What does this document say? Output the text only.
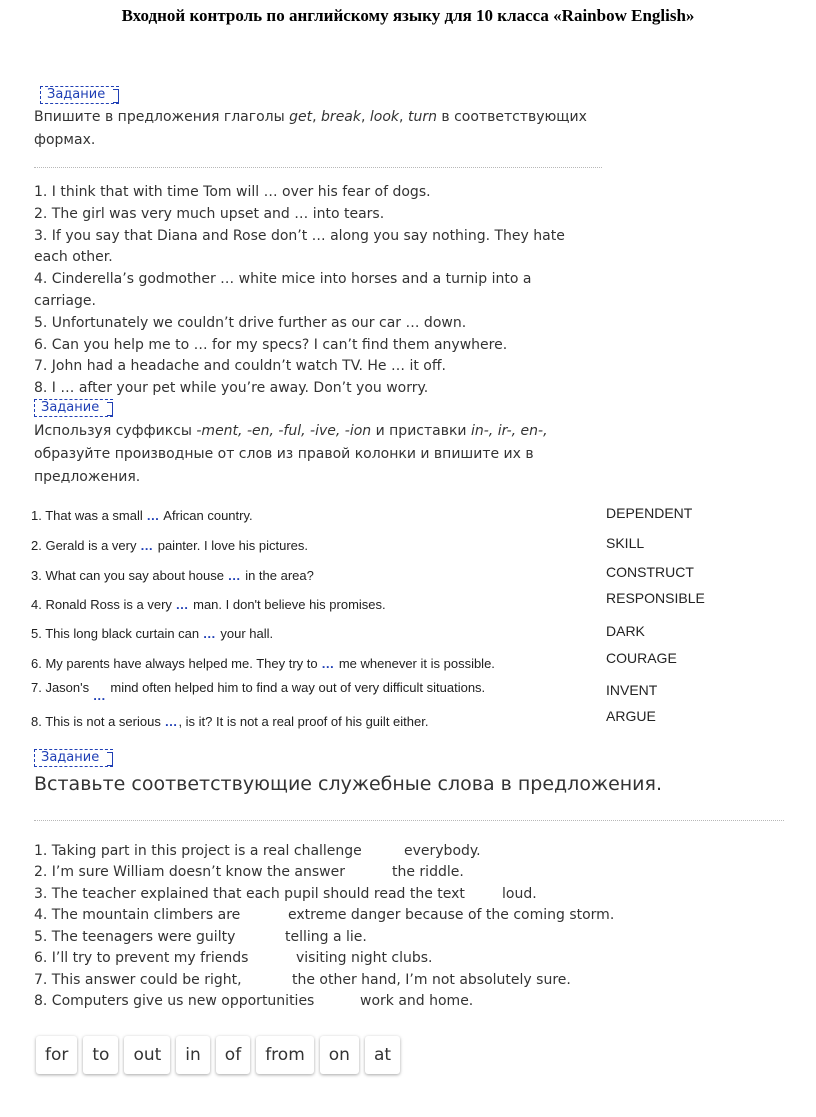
Входной контроль по английскому языку для 10 класса «Rainbow English»
Задание
Впишите в предложения глаголы get, break, look, turn в соответствующих формах.
1. I think that with time Tom will … over his fear of dogs.
2. The girl was very much upset and … into tears.
3. If you say that Diana and Rose don’t … along you say nothing. They hate each other.
4. Cinderella’s godmother … white mice into horses and a turnip into a carriage.
5. Unfortunately we couldn’t drive further as our car … down.
6. Can you help me to … for my specs? I can’t find them anywhere.
7. John had a headache and couldn’t watch TV. He … it off.
8. I … after your pet while you’re away. Don’t you worry.
Задание
Используя суффиксы -ment, -en, -ful, -ive, -ion и приставки in-, ir-, en-, образуйте производные от слов из правой колонки и впишите их в предложения.
1. That was a small … African country.
2. Gerald is a very … painter. I love his pictures.
3. What can you say about house … in the area?
4. Ronald Ross is a very … man. I don't believe his promises.
5. This long black curtain can … your hall.
6. My parents have always helped me. They try to … me whenever it is possible.
7. Jason's … mind often helped him to find a way out of very difficult situations.
8. This is not a serious …, is it? It is not a real proof of his guilt either.
DEPENDENT
SKILL
CONSTRUCT
RESPONSIBLE
DARK
COURAGE
INVENT
ARGUE
Задание
Вставьте соответствующие служебные слова в предложения.
1. Taking part in this project is a real challenge	everybody.
2. I’m sure William doesn’t know the answer	the riddle.
3. The teacher explained that each pupil should read the text	loud.
4. The mountain climbers are	extreme danger because of the coming storm.
5. The teenagers were guilty	telling a lie.
6. I’ll try to prevent my friends	visiting night clubs.
7. This answer could be right,	the other hand, I’m not absolutely sure.
8. Computers give us new opportunities	work and home.
for	to	out	in	of	from	on	at
